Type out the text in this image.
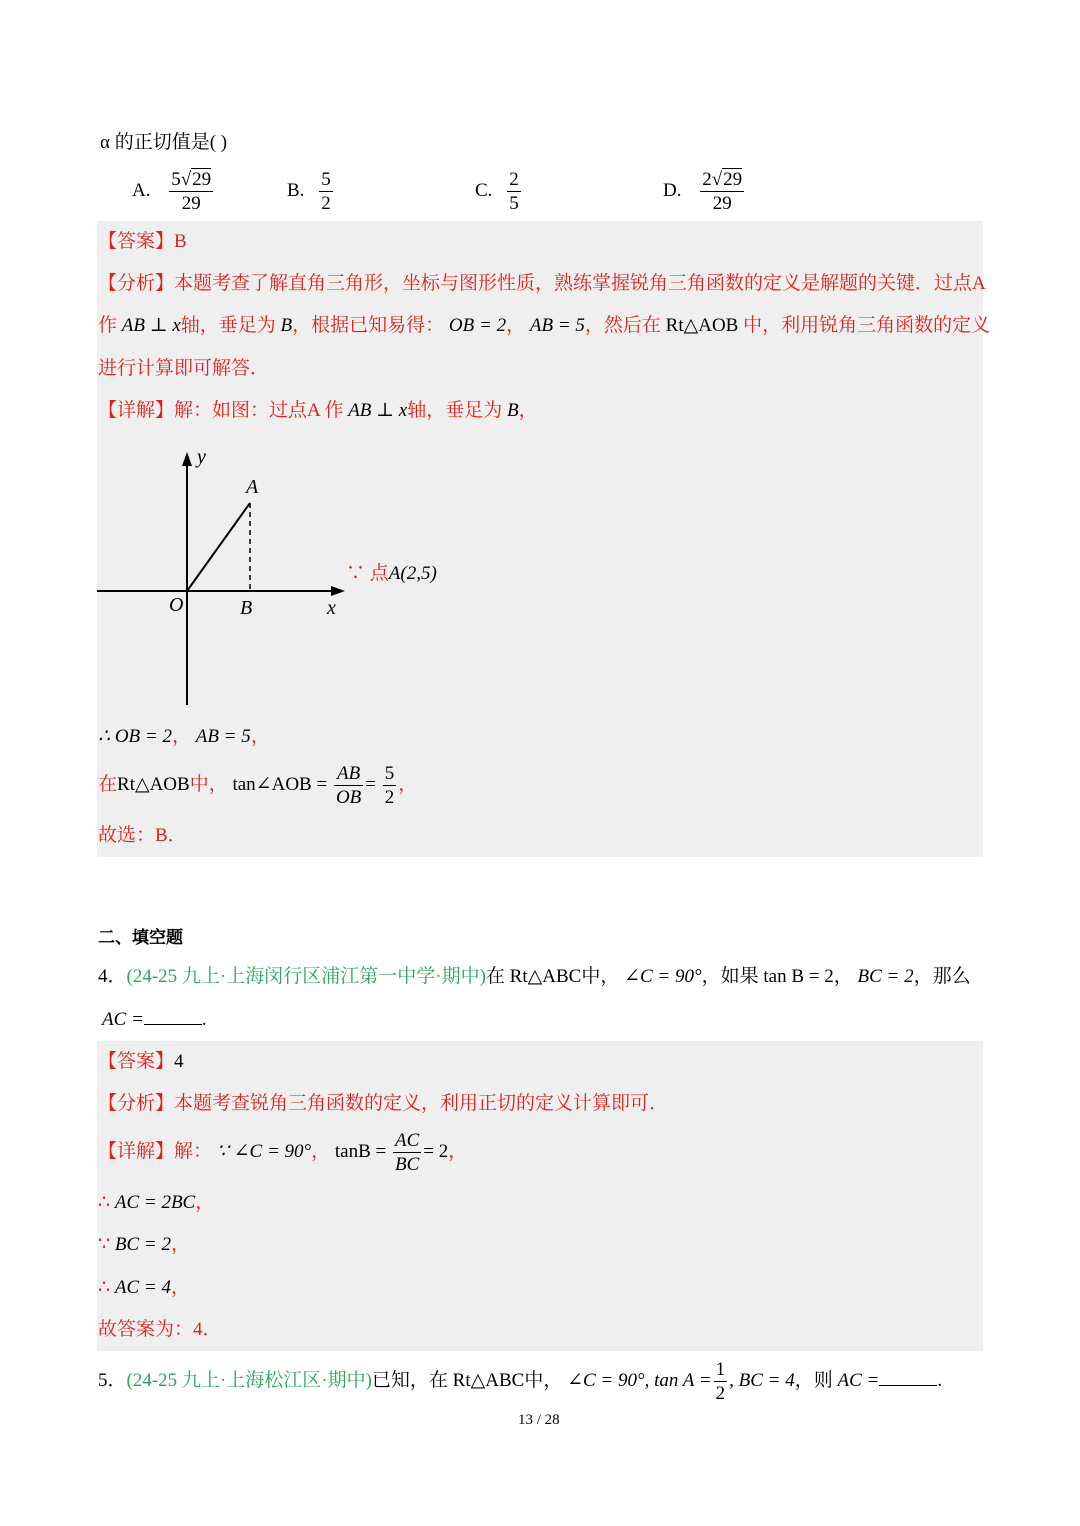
α 的正切值是( )
A. $\frac{5√29}{29}$	B. $\frac{5}{2}$	C. $\frac{2}{5}$	D. $\frac{2√29}{29}$
【答案】B
【分析】本题考查了解直角三角形，坐标与图形性质，熟练掌握锐角三角函数的定义是解题的关键．过点A
作 AB ⊥ x轴，垂足为 B，根据已知易得： OB = 2， AB = 5，然后在 Rt△AOB 中，利用锐角三角函数的定义
进行计算即可解答．
【详解】解：如图：过点A 作 AB ⊥ x轴，垂足为 B，
y
A
O	B	x
∵ 点A(2,5)
∴ OB = 2， AB = 5，
在Rt△AOB中， tan∠AOB = $\frac{AB}{OB} = \frac{5}{2}$ ，
故选：B．
二、填空题
4．(24-25 九上·上海闵行区浦江第一中学·期中)在 Rt△ABC中， ∠C = 90°，如果 tan B = 2， BC = 2，那么
AC =	.
【答案】4
【分析】本题考查锐角三角函数的定义，利用正切的定义计算即可．
【详解】解： ∵ ∠C = 90°， $\tan B = \frac{AC}{BC} = 2$，
∴ AC = 2BC，
∵ BC = 2，
∴ AC = 4，
故答案为：4．
5．(24-25 九上·上海松江区·期中)已知，在 Rt△ABC中， ∠C = 90°, $\tan A = \frac{1}{2}$ , BC = 4，则 AC =	.
13 / 28
